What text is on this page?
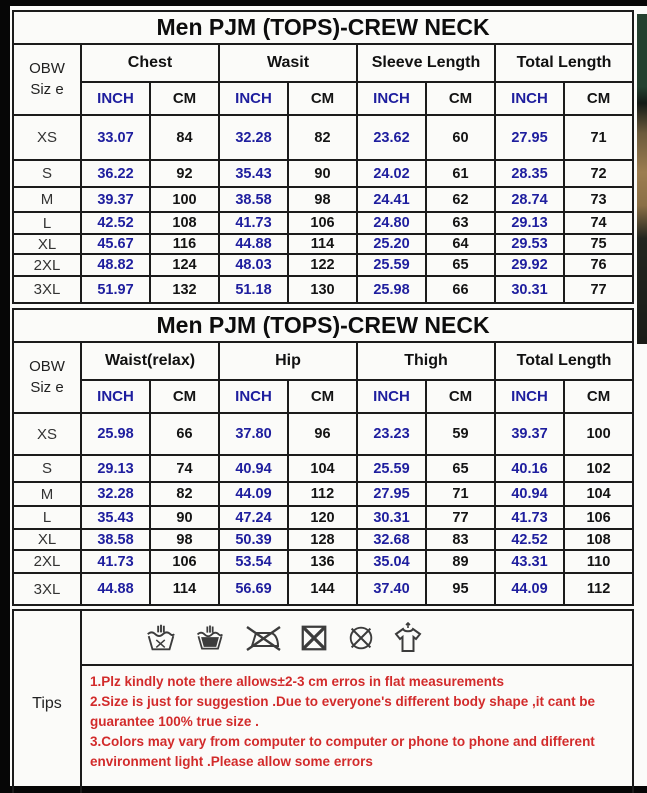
Men PJM (TOPS)-CREW NECK								

OBW
Siz e	Chest		Wasit		Sleeve Length		Total Length	
	INCH	CM	INCH	CM	INCH	CM	INCH	CM
XS	33.07	84	32.28	82	23.62	60	27.95	71
S	36.22	92	35.43	90	24.02	61	28.35	72
M	39.37	100	38.58	98	24.41	62	28.74	73
L	42.52	108	41.73	106	24.80	63	29.13	74
XL	45.67	116	44.88	114	25.20	64	29.53	75
2XL	48.82	124	48.03	122	25.59	65	29.92	76
3XL	51.97	132	51.18	130	25.98	66	30.31	77
Men PJM (TOPS)-CREW NECK								

OBW
Siz e	Waist(relax)		Hip		Thigh		Total Length	
	INCH	CM	INCH	CM	INCH	CM	INCH	CM
XS	25.98	66	37.80	96	23.23	59	39.37	100
S	29.13	74	40.94	104	25.59	65	40.16	102
M	32.28	82	44.09	112	27.95	71	40.94	104
L	35.43	90	47.24	120	30.31	77	41.73	106
XL	38.58	98	50.39	128	32.68	83	42.52	108
2XL	41.73	106	53.54	136	35.04	89	43.31	110
3XL	44.88	114	56.69	144	37.40	95	44.09	112
Tips	

1.Plz kindly note there allows±2-3 cm erros in flat measurements

2.Size is just for suggestion .Due to everyone's different body shape ,it cant be guarantee 100% true size .

3.Colors may vary from computer to computer or phone to phone and different environment light .Please allow some errors
